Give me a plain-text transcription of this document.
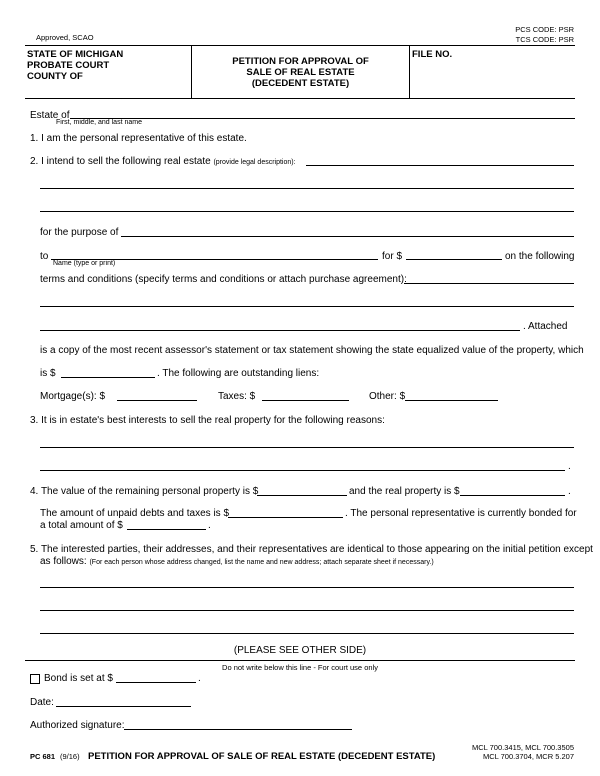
Approved, SCAO
PCS CODE: PSR
TCS CODE: PSR
STATE OF MICHIGAN
PROBATE COURT
COUNTY OF
PETITION FOR APPROVAL OF
SALE OF REAL ESTATE
(DECEDENT ESTATE)
FILE NO.
Estate of
First, middle, and last name
1. I am the personal representative of this estate.
2. I intend to sell the following real estate (provide legal description):
for the purpose of
to
Name (type or print)
for $	on the following
terms and conditions (specify terms and conditions or attach purchase agreement):
. Attached
is a copy of the most recent assessor's statement or tax statement showing the state equalized value of the property, which
is $	. The following are outstanding liens:
Mortgage(s): $	Taxes: $	Other: $
3. It is in estate's best interests to sell the real property for the following reasons:
.
4. The value of the remaining personal property is $	and the real property is $	.
The amount of unpaid debts and taxes is $	. The personal representative is currently bonded for
a total amount of $	.
5. The interested parties, their addresses, and their representatives are identical to those appearing on the initial petition except
as follows: (For each person whose address changed, list the name and new address; attach separate sheet if necessary.)
(PLEASE SEE OTHER SIDE)
Do not write below this line - For court use only
Bond is set at $	.
Date:
Authorized signature:
PC 681 (9/16) PETITION FOR APPROVAL OF SALE OF REAL ESTATE (DECEDENT ESTATE)
MCL 700.3415, MCL 700.3505
MCL 700.3704, MCR 5.207
